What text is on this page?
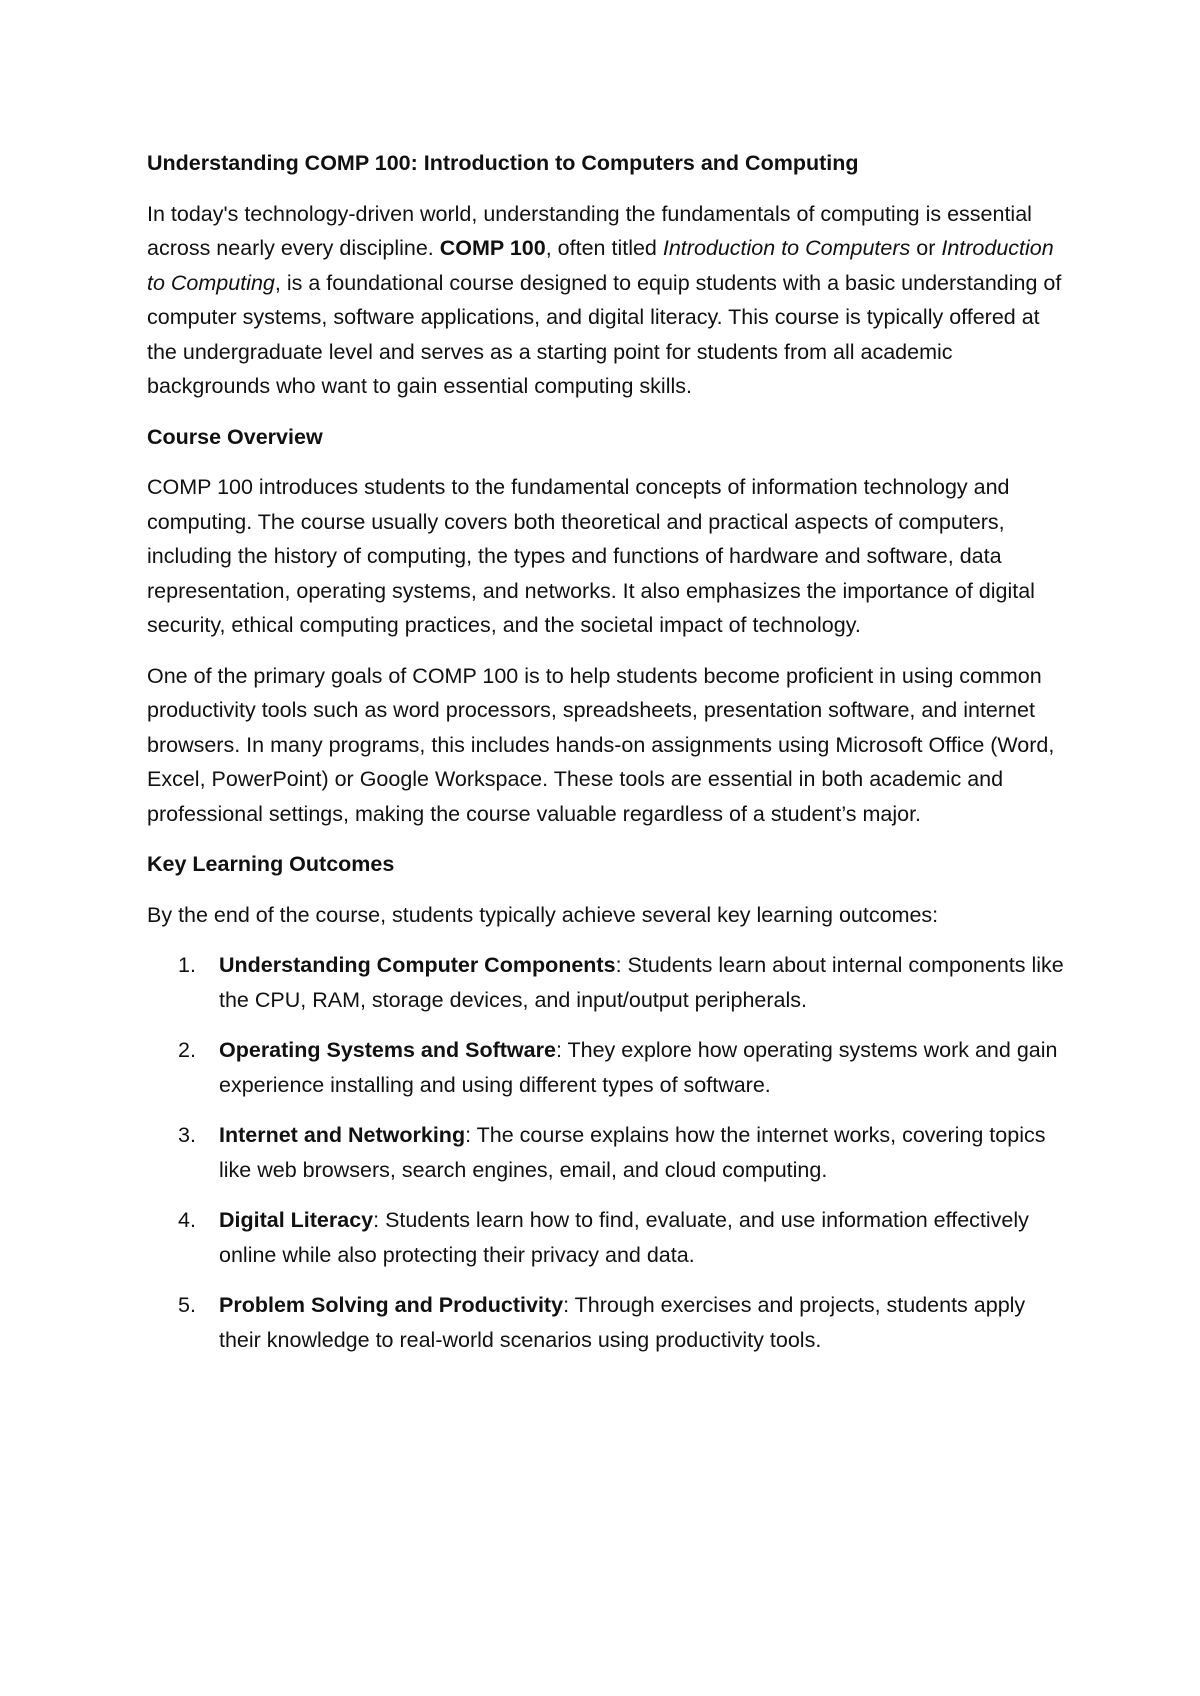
Understanding COMP 100: Introduction to Computers and Computing
In today's technology-driven world, understanding the fundamentals of computing is essential across nearly every discipline. COMP 100, often titled Introduction to Computers or Introduction to Computing, is a foundational course designed to equip students with a basic understanding of computer systems, software applications, and digital literacy. This course is typically offered at the undergraduate level and serves as a starting point for students from all academic backgrounds who want to gain essential computing skills.
Course Overview
COMP 100 introduces students to the fundamental concepts of information technology and computing. The course usually covers both theoretical and practical aspects of computers, including the history of computing, the types and functions of hardware and software, data representation, operating systems, and networks. It also emphasizes the importance of digital security, ethical computing practices, and the societal impact of technology.
One of the primary goals of COMP 100 is to help students become proficient in using common productivity tools such as word processors, spreadsheets, presentation software, and internet browsers. In many programs, this includes hands-on assignments using Microsoft Office (Word, Excel, PowerPoint) or Google Workspace. These tools are essential in both academic and professional settings, making the course valuable regardless of a student’s major.
Key Learning Outcomes
By the end of the course, students typically achieve several key learning outcomes:
1. Understanding Computer Components: Students learn about internal components like the CPU, RAM, storage devices, and input/output peripherals.
2. Operating Systems and Software: They explore how operating systems work and gain experience installing and using different types of software.
3. Internet and Networking: The course explains how the internet works, covering topics like web browsers, search engines, email, and cloud computing.
4. Digital Literacy: Students learn how to find, evaluate, and use information effectively online while also protecting their privacy and data.
5. Problem Solving and Productivity: Through exercises and projects, students apply their knowledge to real-world scenarios using productivity tools.
